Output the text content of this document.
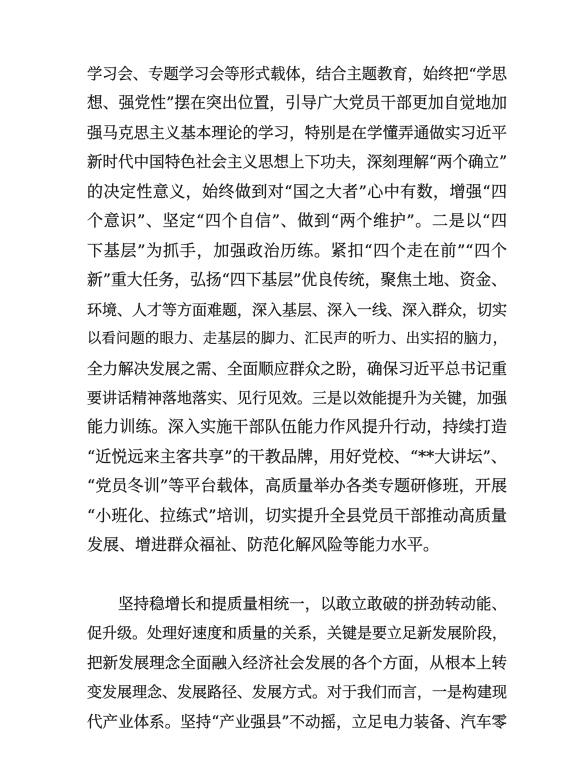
学习会、专题学习会等形式载体，结合主题教育，始终把“学思
想、强党性”摆在突出位置，引导广大党员干部更加自觉地加
强马克思主义基本理论的学习，特别是在学懂弄通做实习近平
新时代中国特色社会主义思想上下功夫，深刻理解“两个确立”
的决定性意义，始终做到对“国之大者”心中有数，增强“四
个意识”、坚定“四个自信”、做到“两个维护”。二是以“四
下基层”为抓手，加强政治历练。紧扣“四个走在前”“四个
新”重大任务，弘扬“四下基层”优良传统，聚焦土地、资金、
环境、人才等方面难题，深入基层、深入一线、深入群众，切实
以看问题的眼力、走基层的脚力、汇民声的听力、出实招的脑力，
全力解决发展之需、全面顺应群众之盼，确保习近平总书记重
要讲话精神落地落实、见行见效。三是以效能提升为关键，加强
能力训练。深入实施干部队伍能力作风提升行动，持续打造
“近悦远来主客共享”的干教品牌，用好党校、“**大讲坛”、
“党员冬训”等平台载体，高质量举办各类专题研修班，开展
“小班化、拉练式”培训，切实提升全县党员干部推动高质量
发展、增进群众福祉、防范化解风险等能力水平。
坚持稳增长和提质量相统一，以敢立敢破的拼劲转动能、
促升级。处理好速度和质量的关系，关键是要立足新发展阶段，
把新发展理念全面融入经济社会发展的各个方面，从根本上转
变发展理念、发展路径、发展方式。对于我们而言，一是构建现
代产业体系。坚持“产业强县”不动摇，立足电力装备、汽车零
